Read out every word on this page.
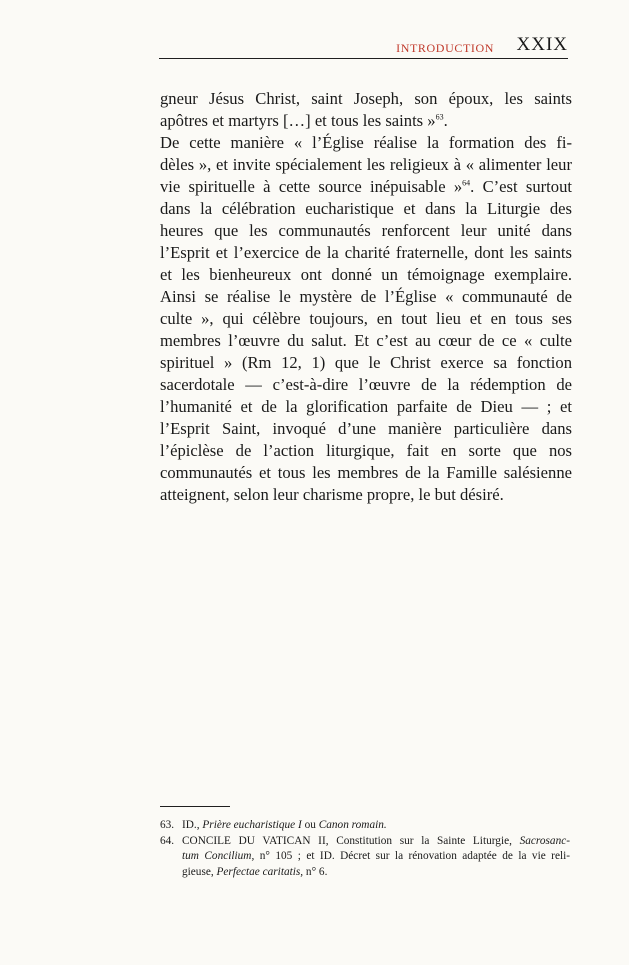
INTRODUCTION XXIX
gneur Jésus Christ, saint Joseph, son époux, les saints
apôtres et martyrs […] et tous les saints »$^{63}$.
De cette manière « l’Église réalise la formation des fi-
dèles », et invite spécialement les religieux à « alimenter leur
vie spirituelle à cette source inépuisable »$^{64}$. C’est surtout
dans la célébration eucharistique et dans la Liturgie des
heures que les communautés renforcent leur unité dans
l’Esprit et l’exercice de la charité fraternelle, dont les saints
et les bienheureux ont donné un témoignage exemplaire.
Ainsi se réalise le mystère de l’Église « communauté de
culte », qui célèbre toujours, en tout lieu et en tous ses
membres l’œuvre du salut. Et c’est au cœur de ce « culte
spirituel » (Rm 12, 1) que le Christ exerce sa fonction
sacerdotale — c’est-à-dire l’œuvre de la rédemption de
l’humanité et de la glorification parfaite de Dieu — ; et
l’Esprit Saint, invoqué d’une manière particulière dans
l’épiclèse de l’action liturgique, fait en sorte que nos
communautés et tous les membres de la Famille salésienne
atteignent, selon leur charisme propre, le but désiré.
63. ID., Prière eucharistique I ou Canon romain.
64. CONCILE DU VATICAN II, Constitution sur la Sainte Liturgie, Sacrosanc-
tum Concilium, n° 105 ; et ID. Décret sur la rénovation adaptée de la vie reli-
gieuse, Perfectae caritatis, n° 6.
